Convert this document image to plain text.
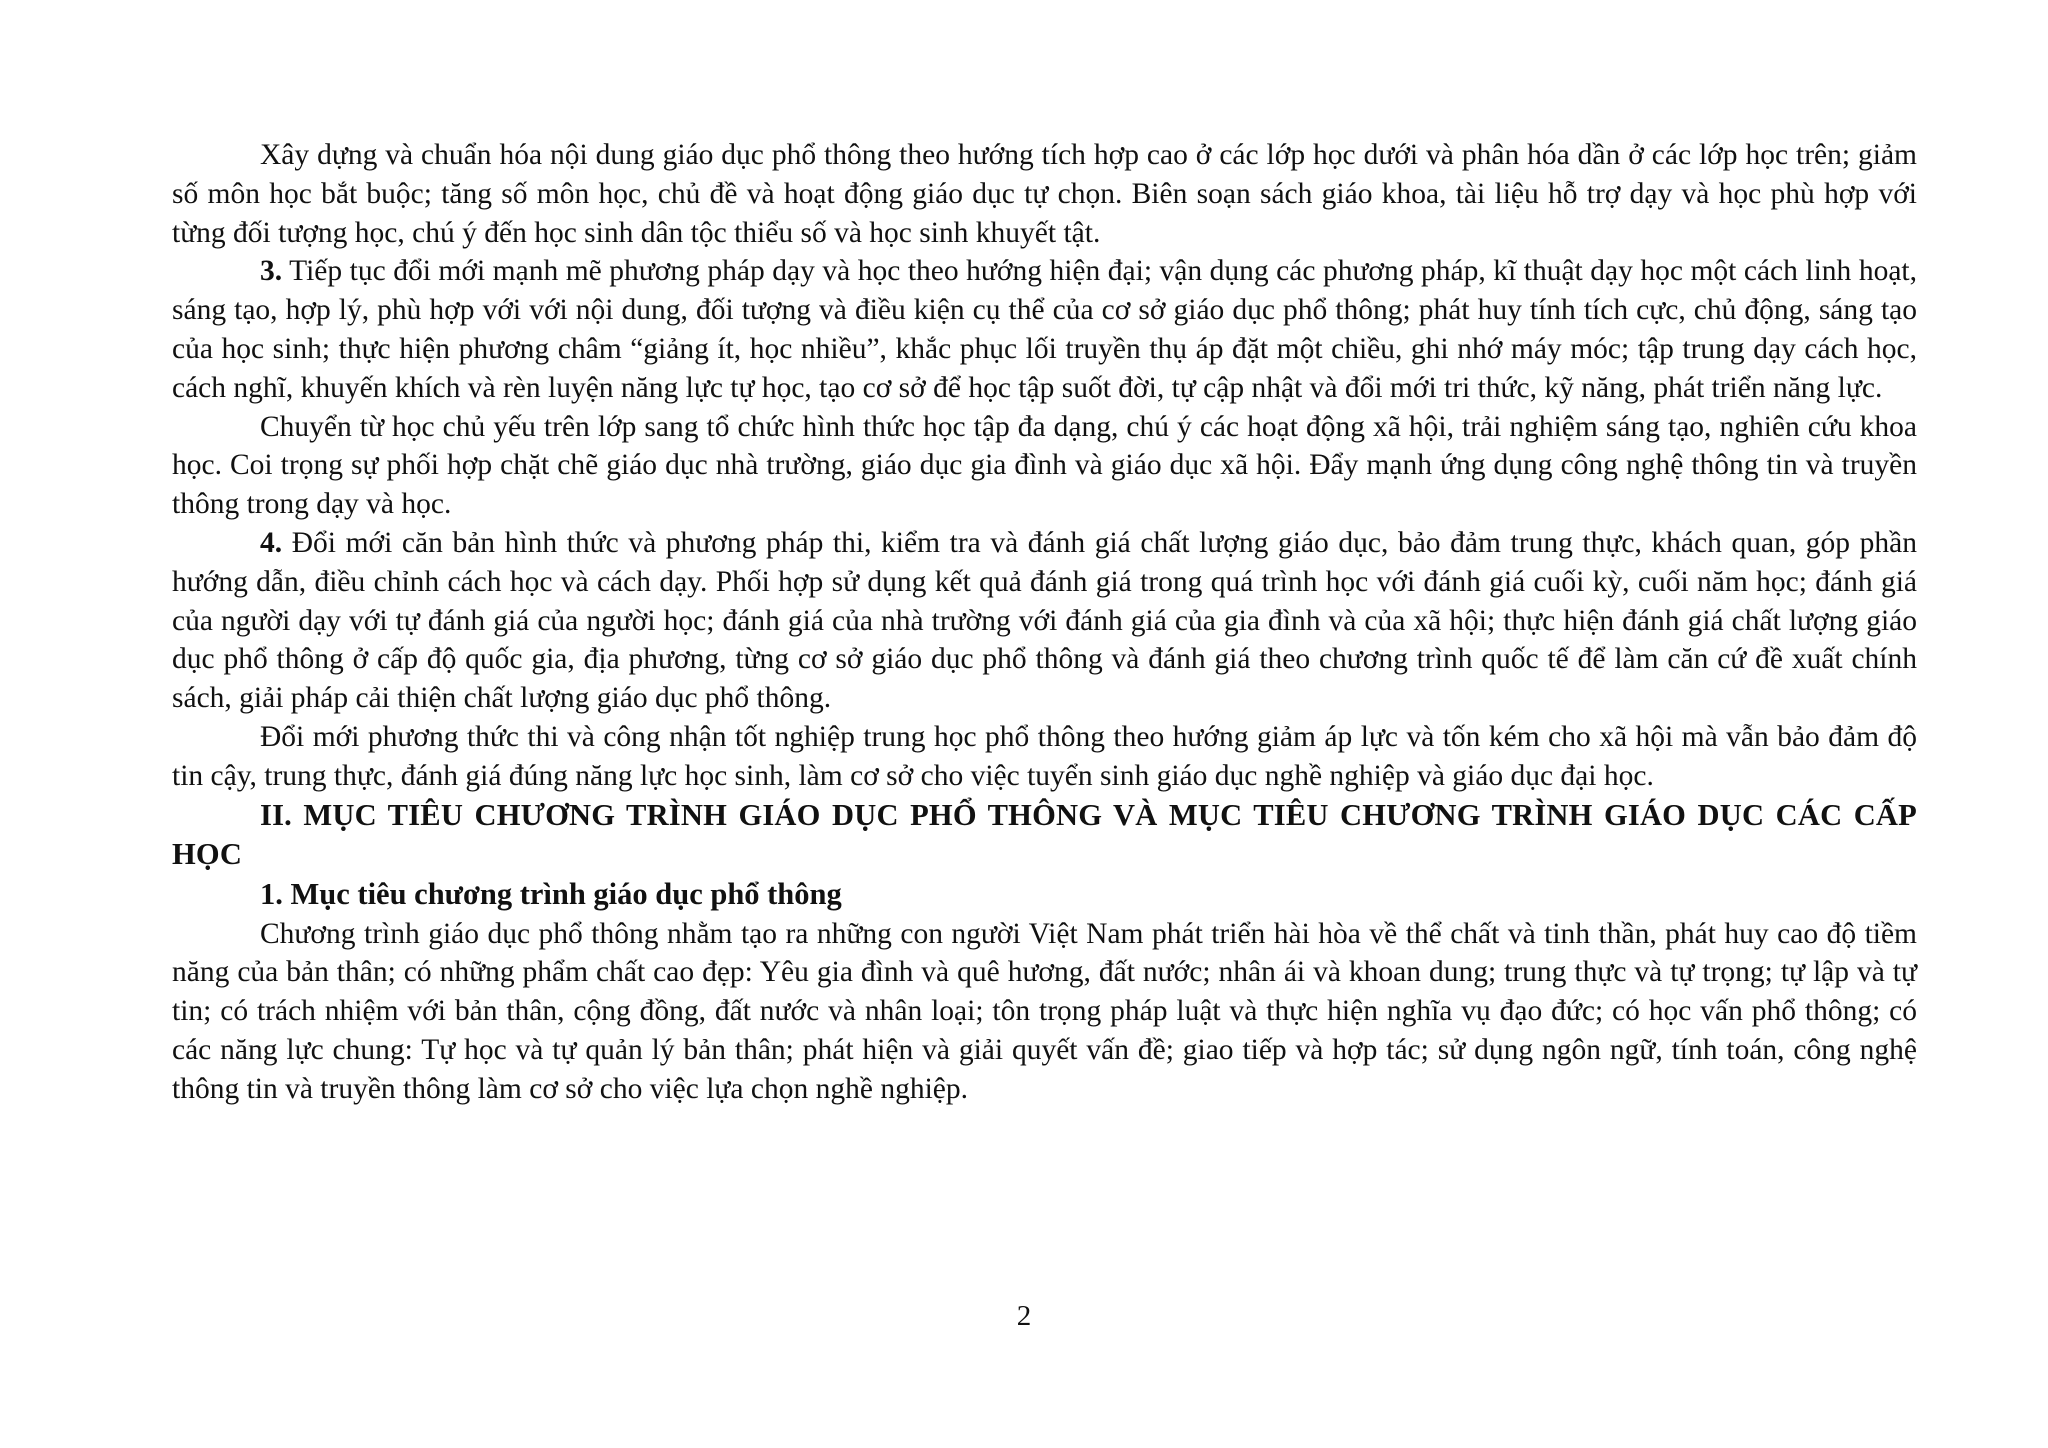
Xây dựng và chuẩn hóa nội dung giáo dục phổ thông theo hướng tích hợp cao ở các lớp học dưới và phân hóa dần ở các lớp học trên; giảm số môn học bắt buộc; tăng số môn học, chủ đề và hoạt động giáo dục tự chọn. Biên soạn sách giáo khoa, tài liệu hỗ trợ dạy và học phù hợp với từng đối tượng học, chú ý đến học sinh dân tộc thiểu số và học sinh khuyết tật.

3. Tiếp tục đổi mới mạnh mẽ phương pháp dạy và học theo hướng hiện đại; vận dụng các phương pháp, kĩ thuật dạy học một cách linh hoạt, sáng tạo, hợp lý, phù hợp với với nội dung, đối tượng và điều kiện cụ thể của cơ sở giáo dục phổ thông; phát huy tính tích cực, chủ động, sáng tạo của học sinh; thực hiện phương châm “giảng ít, học nhiều”, khắc phục lối truyền thụ áp đặt một chiều, ghi nhớ máy móc; tập trung dạy cách học, cách nghĩ, khuyến khích và rèn luyện năng lực tự học, tạo cơ sở để học tập suốt đời, tự cập nhật và đổi mới tri thức, kỹ năng, phát triển năng lực.

Chuyển từ học chủ yếu trên lớp sang tổ chức hình thức học tập đa dạng, chú ý các hoạt động xã hội, trải nghiệm sáng tạo, nghiên cứu khoa học. Coi trọng sự phối hợp chặt chẽ giáo dục nhà trường, giáo dục gia đình và giáo dục xã hội. Đẩy mạnh ứng dụng công nghệ thông tin và truyền thông trong dạy và học.

4. Đổi mới căn bản hình thức và phương pháp thi, kiểm tra và đánh giá chất lượng giáo dục, bảo đảm trung thực, khách quan, góp phần hướng dẫn, điều chỉnh cách học và cách dạy. Phối hợp sử dụng kết quả đánh giá trong quá trình học với đánh giá cuối kỳ, cuối năm học; đánh giá của người dạy với tự đánh giá của người học; đánh giá của nhà trường với đánh giá của gia đình và của xã hội; thực hiện đánh giá chất lượng giáo dục phổ thông ở cấp độ quốc gia, địa phương, từng cơ sở giáo dục phổ thông và đánh giá theo chương trình quốc tế để làm căn cứ đề xuất chính sách, giải pháp cải thiện chất lượng giáo dục phổ thông.

Đổi mới phương thức thi và công nhận tốt nghiệp trung học phổ thông theo hướng giảm áp lực và tốn kém cho xã hội mà vẫn bảo đảm độ tin cậy, trung thực, đánh giá đúng năng lực học sinh, làm cơ sở cho việc tuyển sinh giáo dục nghề nghiệp và giáo dục đại học.

II. MỤC TIÊU CHƯƠNG TRÌNH GIÁO DỤC PHỔ THÔNG VÀ MỤC TIÊU CHƯƠNG TRÌNH GIÁO DỤC CÁC CẤP HỌC
1. Mục tiêu chương trình giáo dục phổ thông

Chương trình giáo dục phổ thông nhằm tạo ra những con người Việt Nam phát triển hài hòa về thể chất và tinh thần, phát huy cao độ tiềm năng của bản thân; có những phẩm chất cao đẹp: Yêu gia đình và quê hương, đất nước; nhân ái và khoan dung; trung thực và tự trọng; tự lập và tự tin; có trách nhiệm với bản thân, cộng đồng, đất nước và nhân loại; tôn trọng pháp luật và thực hiện nghĩa vụ đạo đức; có học vấn phổ thông; có các năng lực chung: Tự học và tự quản lý bản thân; phát hiện và giải quyết vấn đề; giao tiếp và hợp tác; sử dụng ngôn ngữ, tính toán, công nghệ thông tin và truyền thông làm cơ sở cho việc lựa chọn nghề nghiệp.

2
